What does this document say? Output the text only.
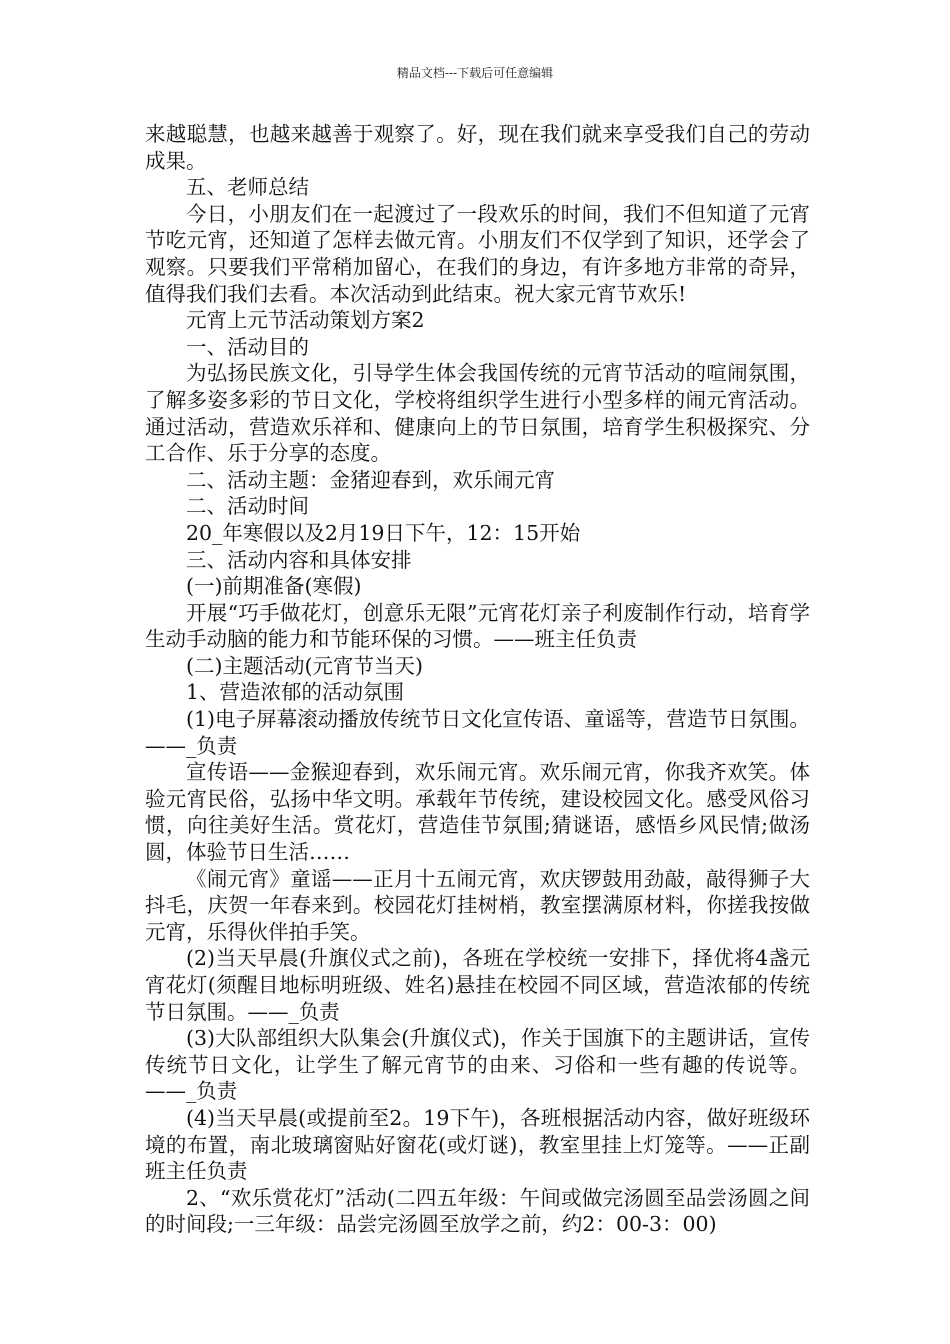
精品文档---下载后可任意编辑

来越聪慧，也越来越善于观察了。好，现在我们就来享受我们自己的劳动成果。

五、老师总结

今日，小朋友们在一起渡过了一段欢乐的时间，我们不但知道了元宵节吃元宵，还知道了怎样去做元宵。小朋友们不仅学到了知识，还学会了观察。只要我们平常稍加留心，在我们的身边，有许多地方非常的奇异，值得我们我们去看。本次活动到此结束。祝大家元宵节欢乐!

元宵上元节活动策划方案2

一、活动目的

为弘扬民族文化，引导学生体会我国传统的元宵节活动的喧闹氛围，了解多姿多彩的节日文化，学校将组织学生进行小型多样的闹元宵活动。通过活动，营造欢乐祥和、健康向上的节日氛围，培育学生积极探究、分工合作、乐于分享的态度。

二、活动主题：金猪迎春到，欢乐闹元宵

二、活动时间

20_年寒假以及2月19日下午，12：15开始

三、活动内容和具体安排

(一)前期准备(寒假)

开展“巧手做花灯，创意乐无限”元宵花灯亲子利废制作行动，培育学生动手动脑的能力和节能环保的习惯。——班主任负责

(二)主题活动(元宵节当天)

1、营造浓郁的活动氛围

(1)电子屏幕滚动播放传统节日文化宣传语、童谣等，营造节日氛围。——_负责

宣传语——金猴迎春到，欢乐闹元宵。欢乐闹元宵，你我齐欢笑。体验元宵民俗，弘扬中华文明。承载年节传统，建设校园文化。感受风俗习惯，向往美好生活。赏花灯，营造佳节氛围;猜谜语，感悟乡风民情;做汤圆，体验节日生活……

《闹元宵》童谣——正月十五闹元宵，欢庆锣鼓用劲敲，敲得狮子大抖毛，庆贺一年春来到。校园花灯挂树梢，教室摆满原材料，你搓我按做元宵，乐得伙伴拍手笑。

(2)当天早晨(升旗仪式之前)，各班在学校统一安排下，择优将4盏元宵花灯(须醒目地标明班级、姓名)悬挂在校园不同区域，营造浓郁的传统节日氛围。——_负责

(3)大队部组织大队集会(升旗仪式)，作关于国旗下的主题讲话，宣传传统节日文化，让学生了解元宵节的由来、习俗和一些有趣的传说等。——_负责

(4)当天早晨(或提前至2。19下午)，各班根据活动内容，做好班级环境的布置，南北玻璃窗贴好窗花(或灯谜)，教室里挂上灯笼等。——正副班主任负责

2、“欢乐赏花灯”活动(二四五年级：午间或做完汤圆至品尝汤圆之间的时间段;一三年级：品尝完汤圆至放学之前，约2：00-3：00)
